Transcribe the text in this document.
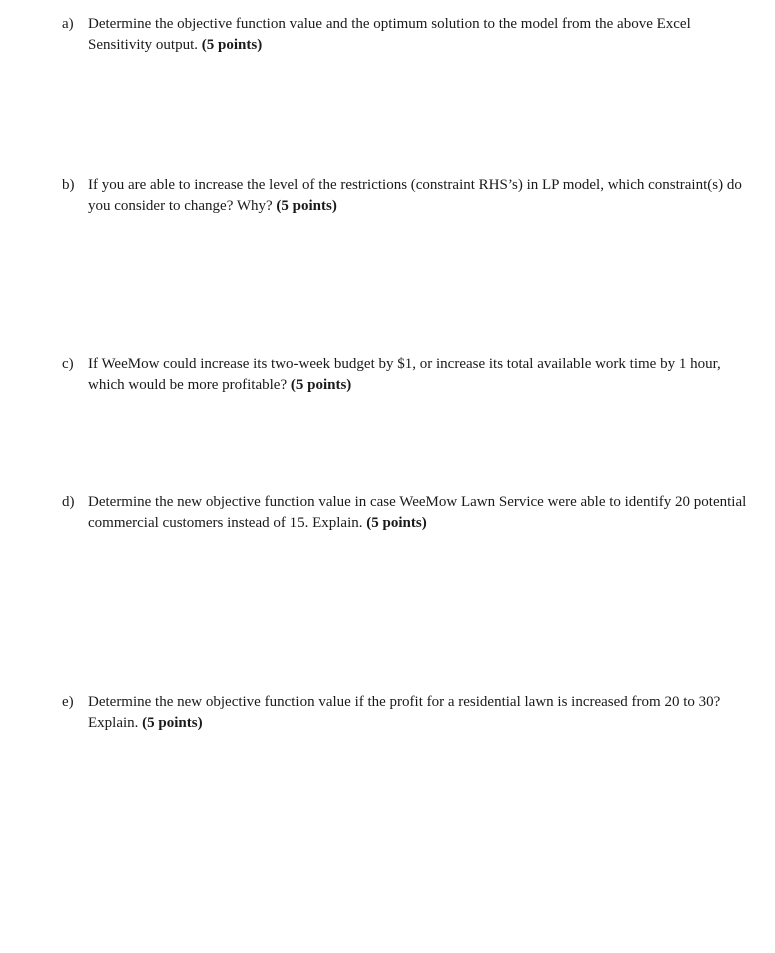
a) Determine the objective function value and the optimum solution to the model from the above Excel Sensitivity output. (5 points)
b) If you are able to increase the level of the restrictions (constraint RHS’s) in LP model, which constraint(s) do you consider to change? Why? (5 points)
c) If WeeMow could increase its two-week budget by $1, or increase its total available work time by 1 hour, which would be more profitable? (5 points)
d) Determine the new objective function value in case WeeMow Lawn Service were able to identify 20 potential commercial customers instead of 15. Explain. (5 points)
e) Determine the new objective function value if the profit for a residential lawn is increased from 20 to 30? Explain. (5 points)
